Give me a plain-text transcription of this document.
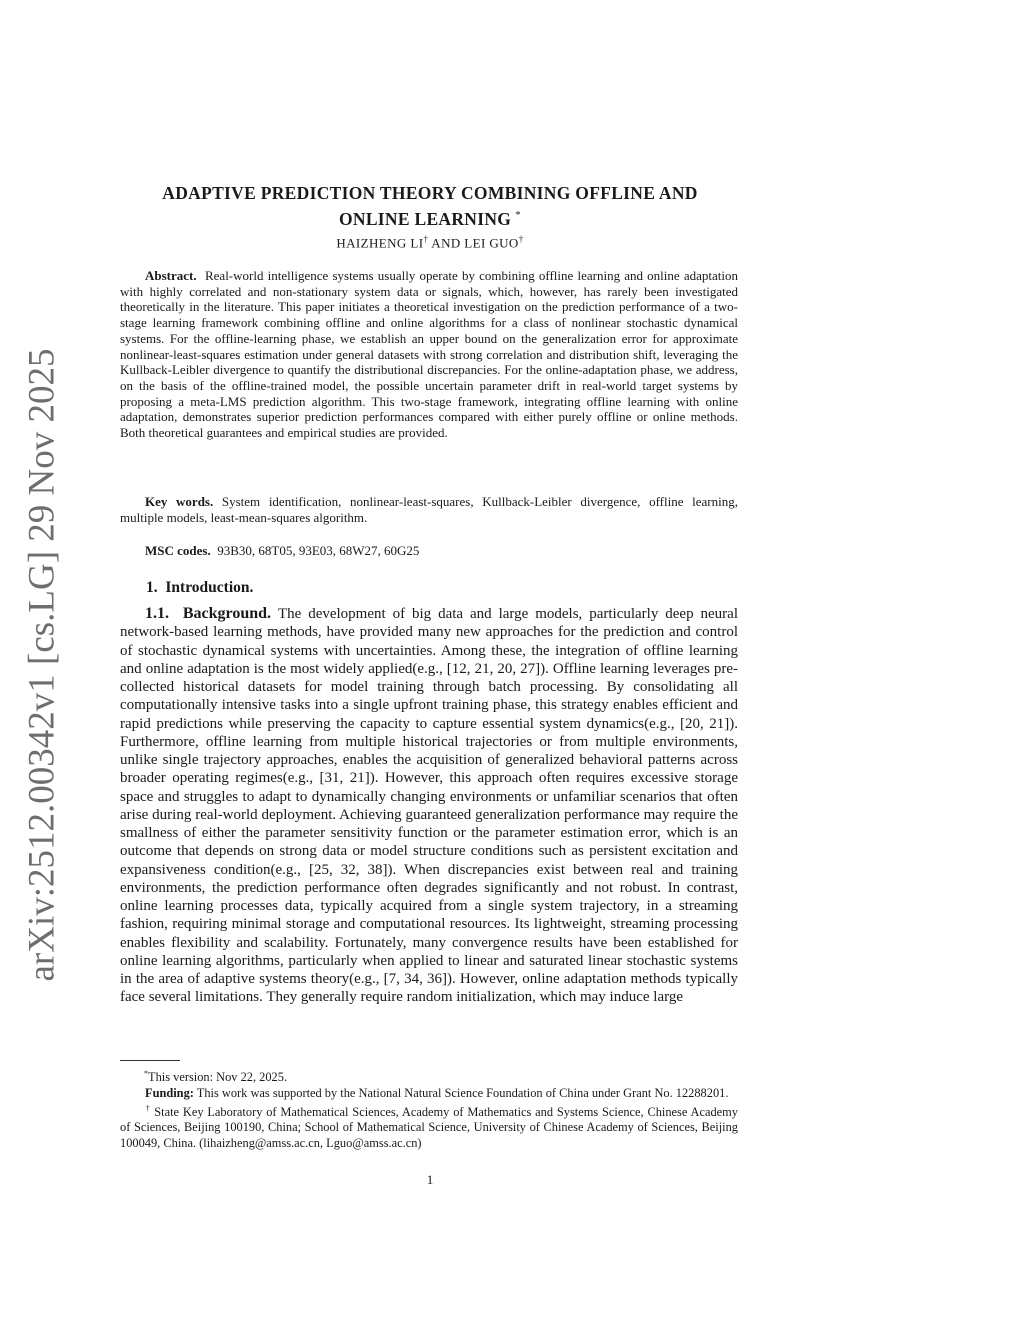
arXiv:2512.00342v1 [cs.LG] 29 Nov 2025
ADAPTIVE PREDICTION THEORY COMBINING OFFLINE AND
ONLINE LEARNING *
HAIZHENG LI† AND LEI GUO†
Abstract. Real-world intelligence systems usually operate by combining offline learning and online adaptation with highly correlated and non-stationary system data or signals, which, however, has rarely been investigated theoretically in the literature. This paper initiates a theoretical investigation on the prediction performance of a two-stage learning framework combining offline and online algorithms for a class of nonlinear stochastic dynamical systems. For the offline-learning phase, we establish an upper bound on the generalization error for approximate nonlinear-least-squares estimation under general datasets with strong correlation and distribution shift, leveraging the Kullback-Leibler divergence to quantify the distributional discrepancies. For the online-adaptation phase, we address, on the basis of the offline-trained model, the possible uncertain parameter drift in real-world target systems by proposing a meta-LMS prediction algorithm. This two-stage framework, integrating offline learning with online adaptation, demonstrates superior prediction performances compared with either purely offline or online methods. Both theoretical guarantees and empirical studies are provided.
Key words. System identification, nonlinear-least-squares, Kullback-Leibler divergence, offline learning, multiple models, least-mean-squares algorithm.
MSC codes. 93B30, 68T05, 93E03, 68W27, 60G25
1. Introduction.
1.1. Background. The development of big data and large models, particularly deep neural network-based learning methods, have provided many new approaches for the prediction and control of stochastic dynamical systems with uncertainties. Among these, the integration of offline learning and online adaptation is the most widely applied(e.g., [12, 21, 20, 27]). Offline learning leverages pre-collected historical datasets for model training through batch processing. By consolidating all computationally intensive tasks into a single upfront training phase, this strategy enables efficient and rapid predictions while preserving the capacity to capture essential system dynamics(e.g., [20, 21]). Furthermore, offline learning from multiple historical trajectories or from multiple environments, unlike single trajectory approaches, enables the acquisition of generalized behavioral patterns across broader operating regimes(e.g., [31, 21]). However, this approach often requires excessive storage space and struggles to adapt to dynamically changing environments or unfamiliar scenarios that often arise during real-world deployment. Achieving guaranteed generalization performance may require the smallness of either the parameter sensitivity function or the parameter estimation error, which is an outcome that depends on strong data or model structure conditions such as persistent excitation and expansiveness condition(e.g., [25, 32, 38]). When discrepancies exist between real and training environments, the prediction performance often degrades significantly and not robust. In contrast, online learning processes data, typically acquired from a single system trajectory, in a streaming fashion, requiring minimal storage and computational resources. Its lightweight, streaming processing enables flexibility and scalability. Fortunately, many convergence results have been established for online learning algorithms, particularly when applied to linear and saturated linear stochastic systems in the area of adaptive systems theory(e.g., [7, 34, 36]). However, online adaptation methods typically face several limitations. They generally require random initialization, which may induce large

*This version: Nov 22, 2025.

Funding: This work was supported by the National Natural Science Foundation of China under Grant No. 12288201.

† State Key Laboratory of Mathematical Sciences, Academy of Mathematics and Systems Science, Chinese Academy of Sciences, Beijing 100190, China; School of Mathematical Science, University of Chinese Academy of Sciences, Beijing 100049, China. (lihaizheng@amss.ac.cn, Lguo@amss.ac.cn)

1
